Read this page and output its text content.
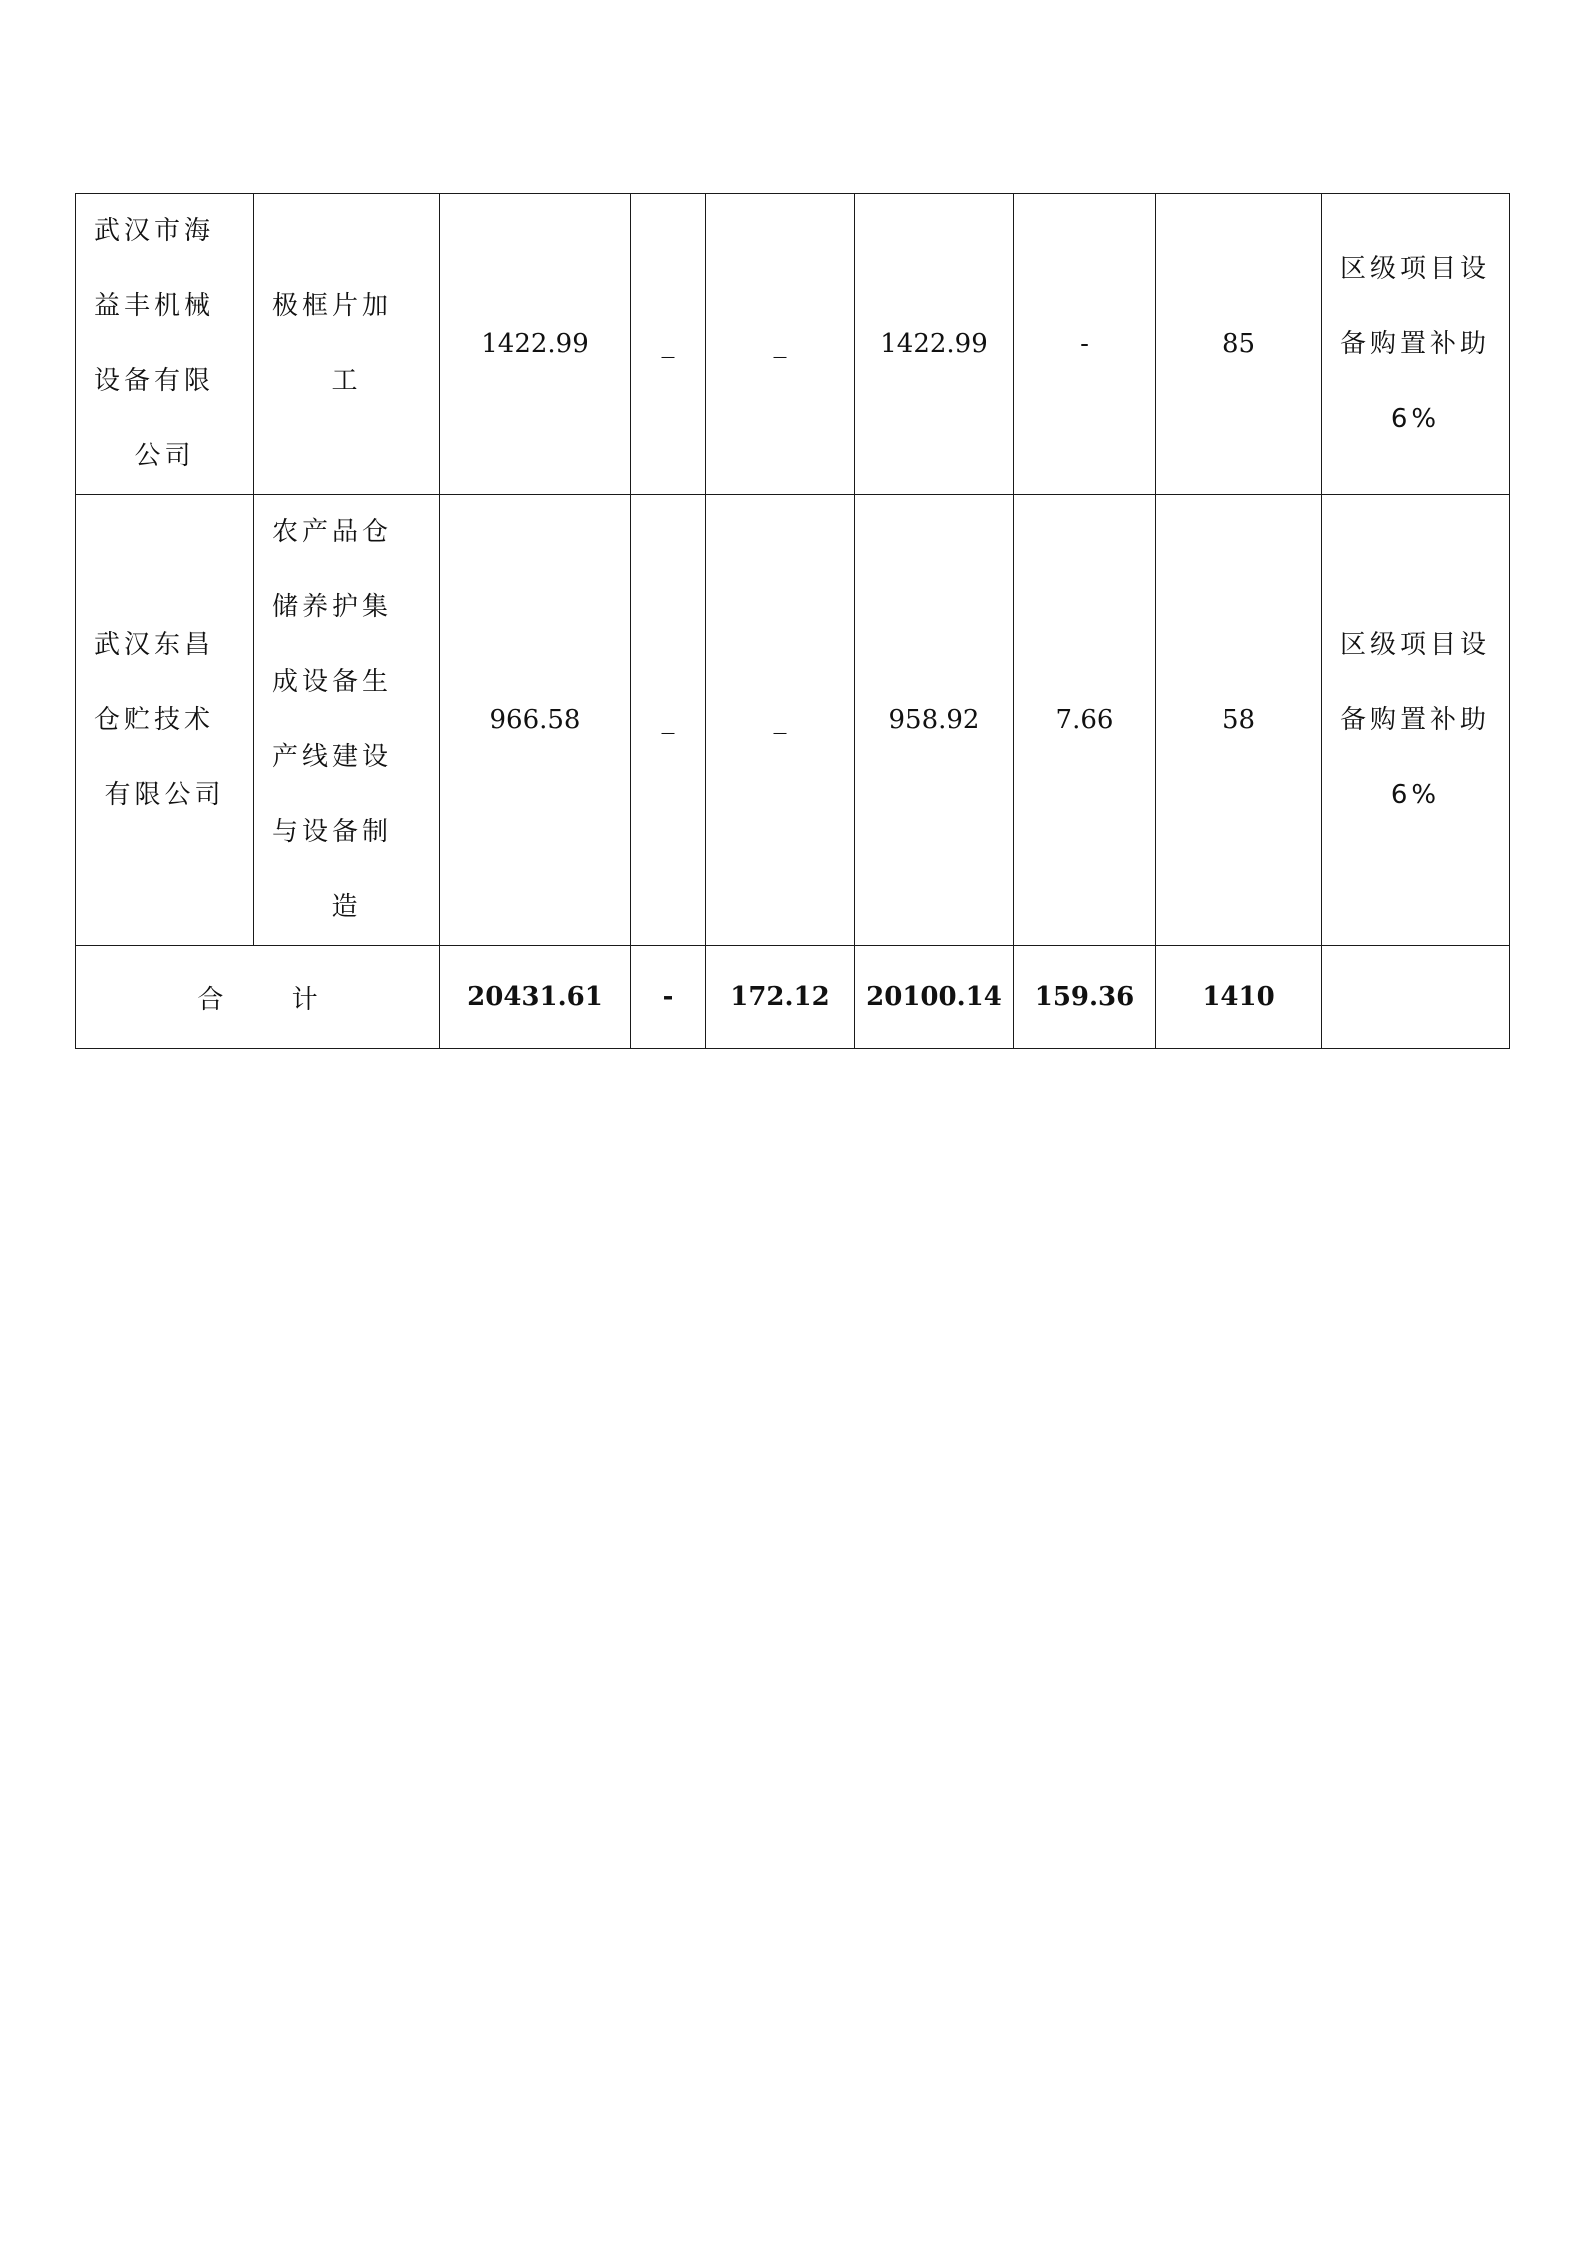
武汉市海益丰机械设备有限公司	极框片加工	1422.99	_	_	1422.99	-	85	区级项目设备购置补助6%

武汉东昌仓贮技术有限公司	农产品仓储养护集成设备生产线建设与设备制造	966.58	_	_	958.92	7.66	58	区级项目设备购置补助6%

合 计		20431.61	-	172.12	20100.14	159.36	1410	
